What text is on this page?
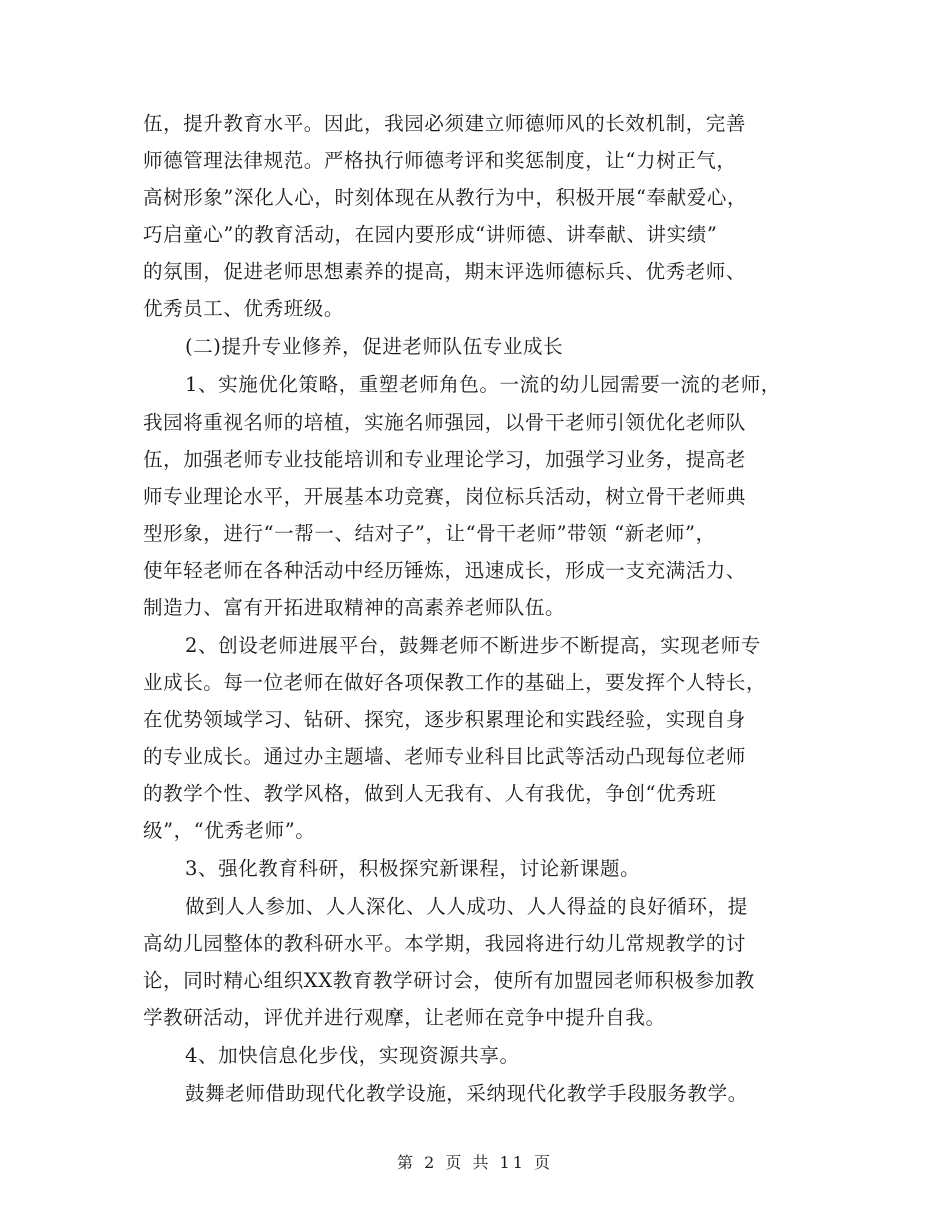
伍，提升教育水平。因此，我园必须建立师德师风的长效机制，完善
师德管理法律规范。严格执行师德考评和奖惩制度，让“力树正气，
高树形象”深化人心，时刻体现在从教行为中，积极开展“奉献爱心，
巧启童心”的教育活动，在园内要形成“讲师德、讲奉献、讲实绩”
的氛围，促进老师思想素养的提高，期末评选师德标兵、优秀老师、
优秀员工、优秀班级。
(二)提升专业修养，促进老师队伍专业成长
1、实施优化策略，重塑老师角色。一流的幼儿园需要一流的老师，
我园将重视名师的培植，实施名师强园，以骨干老师引领优化老师队
伍，加强老师专业技能培训和专业理论学习，加强学习业务，提高老
师专业理论水平，开展基本功竞赛，岗位标兵活动，树立骨干老师典
型形象，进行“一帮一、结对子”，让“骨干老师”带领 “新老师”，
使年轻老师在各种活动中经历锤炼，迅速成长，形成一支充满活力、
制造力、富有开拓进取精神的高素养老师队伍。
2、创设老师进展平台，鼓舞老师不断进步不断提高，实现老师专
业成长。每一位老师在做好各项保教工作的基础上，要发挥个人特长，
在优势领域学习、钻研、探究，逐步积累理论和实践经验，实现自身
的专业成长。通过办主题墙、老师专业科目比武等活动凸现每位老师
的教学个性、教学风格，做到人无我有、人有我优，争创“优秀班
级”，“优秀老师”。
3、强化教育科研，积极探究新课程，讨论新课题。
做到人人参加、人人深化、人人成功、人人得益的良好循环，提
高幼儿园整体的教科研水平。本学期，我园将进行幼儿常规教学的讨
论，同时精心组织XX教育教学研讨会，使所有加盟园老师积极参加教
学教研活动，评优并进行观摩，让老师在竞争中提升自我。
4、加快信息化步伐，实现资源共享。
鼓舞老师借助现代化教学设施，采纳现代化教学手段服务教学。
第 2 页 共 11 页
